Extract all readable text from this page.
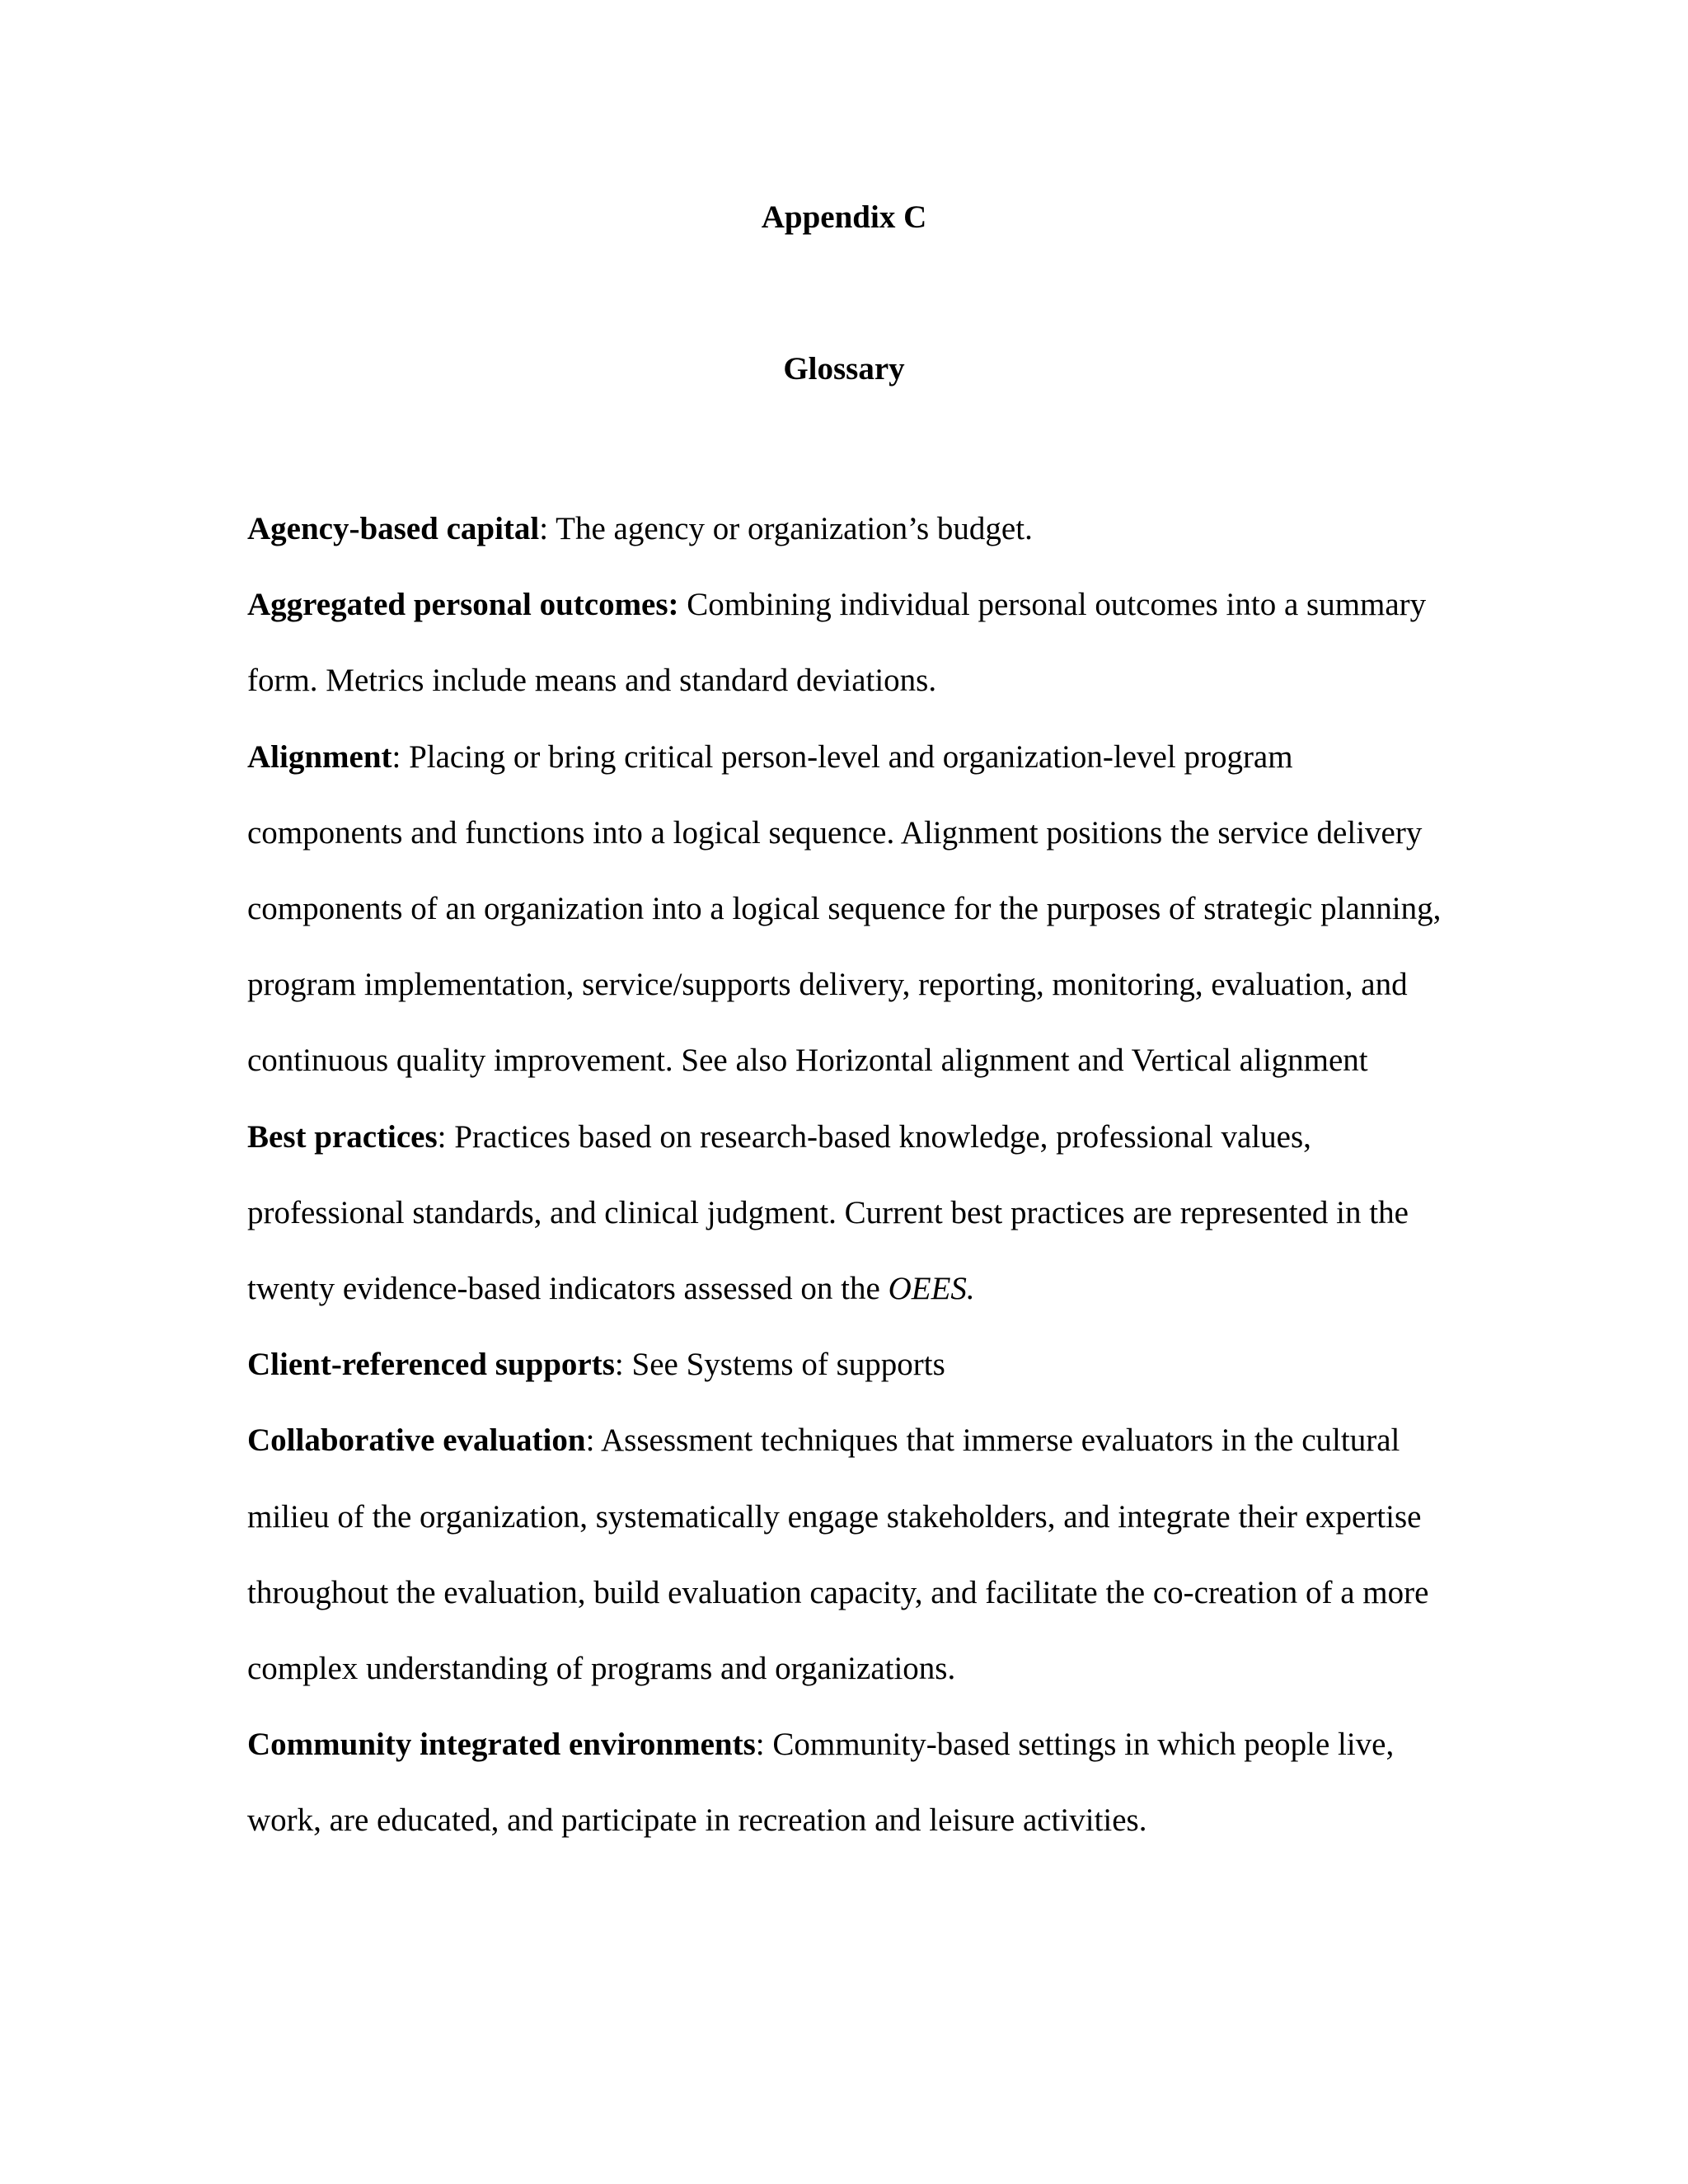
Appendix C
Glossary

Agency-based capital: The agency or organization’s budget.

Aggregated personal outcomes: Combining individual personal outcomes into a summary form. Metrics include means and standard deviations.

Alignment: Placing or bring critical person-level and organization-level program components and functions into a logical sequence. Alignment positions the service delivery components of an organization into a logical sequence for the purposes of strategic planning, program implementation, service/supports delivery, reporting, monitoring, evaluation, and continuous quality improvement. See also Horizontal alignment and Vertical alignment

Best practices: Practices based on research-based knowledge, professional values, professional standards, and clinical judgment. Current best practices are represented in the twenty evidence-based indicators assessed on the OEES.

Client-referenced supports: See Systems of supports

Collaborative evaluation: Assessment techniques that immerse evaluators in the cultural milieu of the organization, systematically engage stakeholders, and integrate their expertise throughout the evaluation, build evaluation capacity, and facilitate the co-creation of a more complex understanding of programs and organizations.

Community integrated environments: Community-based settings in which people live, work, are educated, and participate in recreation and leisure activities.
